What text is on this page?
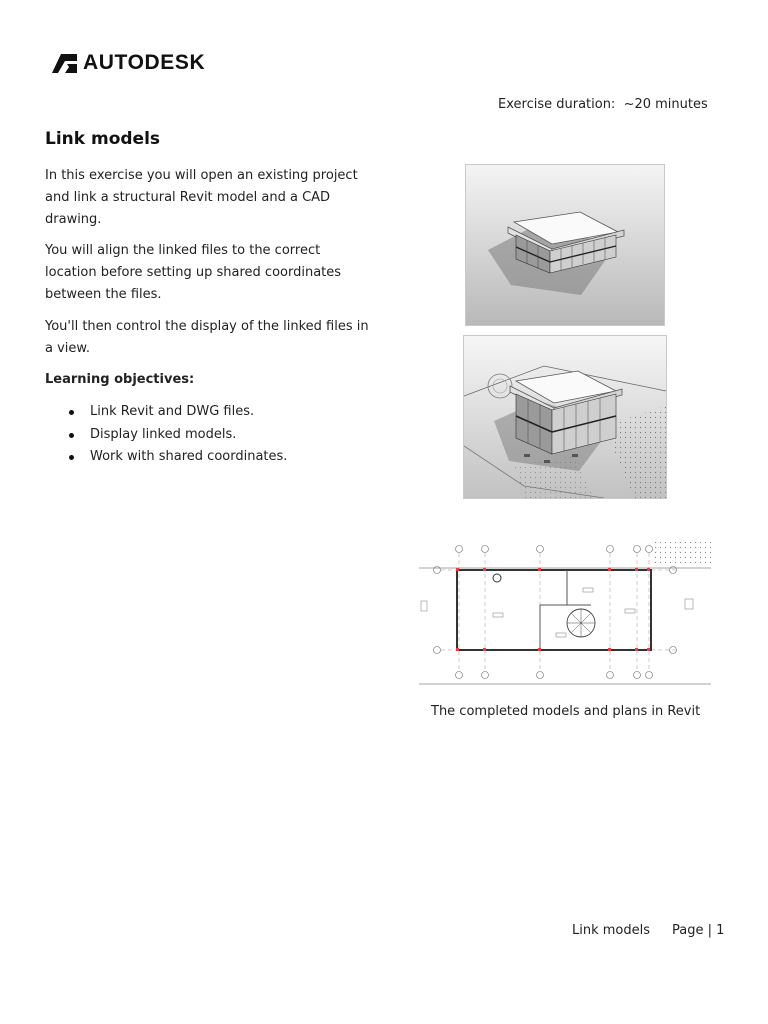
AUTODESK
Exercise duration:  ~20 minutes
Link models

In this exercise you will open an existing project and link a structural Revit model and a CAD drawing.

You will align the linked files to the correct location before setting up shared coordinates between the files.

You'll then control the display of the linked files in a view.

Learning objectives:

Link Revit and DWG files.
Display linked models.
Work with shared coordinates.
The completed models and plans in Revit
Link models Page | 1
